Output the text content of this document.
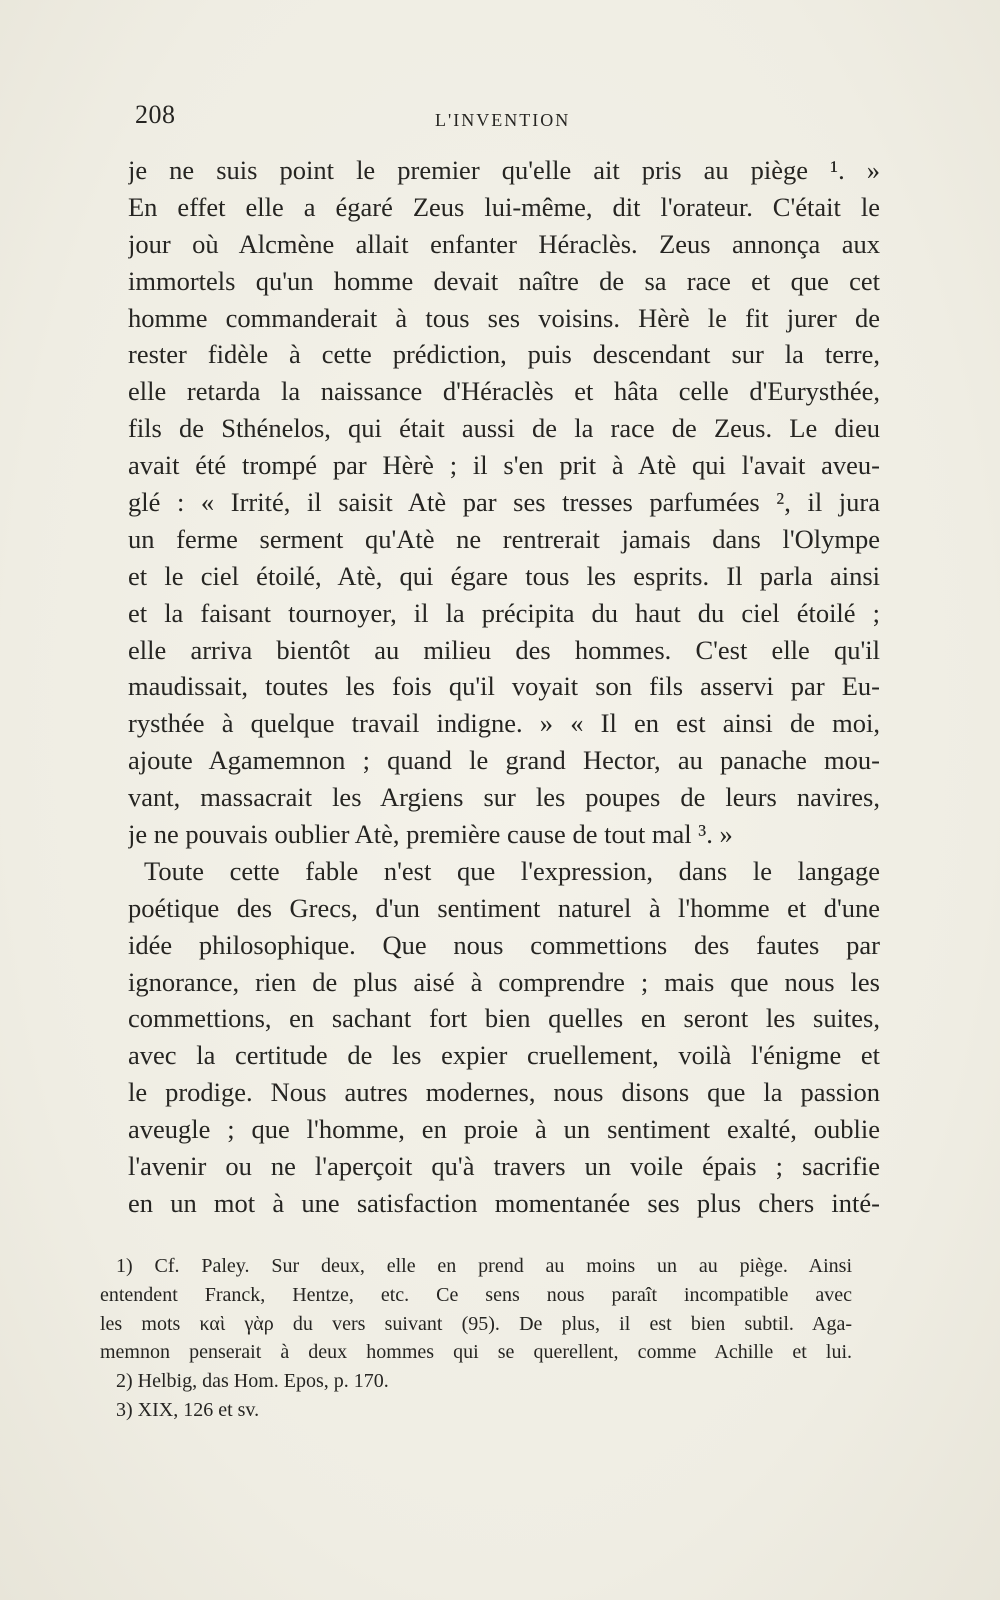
208	L'INVENTION
je ne suis point le premier qu'elle ait pris au piège ¹. »
En effet elle a égaré Zeus lui-même, dit l'orateur. C'était le
jour où Alcmène allait enfanter Héraclès. Zeus annonça aux
immortels qu'un homme devait naître de sa race et que cet
homme commanderait à tous ses voisins. Hèrè le fit jurer de
rester fidèle à cette prédiction, puis descendant sur la terre,
elle retarda la naissance d'Héraclès et hâta celle d'Eurysthée,
fils de Sthénelos, qui était aussi de la race de Zeus. Le dieu
avait été trompé par Hèrè ; il s'en prit à Atè qui l'avait aveu-
glé : « Irrité, il saisit Atè par ses tresses parfumées ², il jura
un ferme serment qu'Atè ne rentrerait jamais dans l'Olympe
et le ciel étoilé, Atè, qui égare tous les esprits. Il parla ainsi
et la faisant tournoyer, il la précipita du haut du ciel étoilé ;
elle arriva bientôt au milieu des hommes. C'est elle qu'il
maudissait, toutes les fois qu'il voyait son fils asservi par Eu-
rysthée à quelque travail indigne. » « Il en est ainsi de moi,
ajoute Agamemnon ; quand le grand Hector, au panache mou-
vant, massacrait les Argiens sur les poupes de leurs navires,
je ne pouvais oublier Atè, première cause de tout mal ³. »
Toute cette fable n'est que l'expression, dans le langage
poétique des Grecs, d'un sentiment naturel à l'homme et d'une
idée philosophique. Que nous commettions des fautes par
ignorance, rien de plus aisé à comprendre ; mais que nous les
commettions, en sachant fort bien quelles en seront les suites,
avec la certitude de les expier cruellement, voilà l'énigme et
le prodige. Nous autres modernes, nous disons que la passion
aveugle ; que l'homme, en proie à un sentiment exalté, oublie
l'avenir ou ne l'aperçoit qu'à travers un voile épais ; sacrifie
en un mot à une satisfaction momentanée ses plus chers inté-
1) Cf. Paley. Sur deux, elle en prend au moins un au piège. Ainsi
entendent Franck, Hentze, etc. Ce sens nous paraît incompatible avec
les mots καὶ γὰρ du vers suivant (95). De plus, il est bien subtil. Aga-
memnon penserait à deux hommes qui se querellent, comme Achille et lui.
2) Helbig, das Hom. Epos, p. 170.
3) XIX, 126 et sv.
